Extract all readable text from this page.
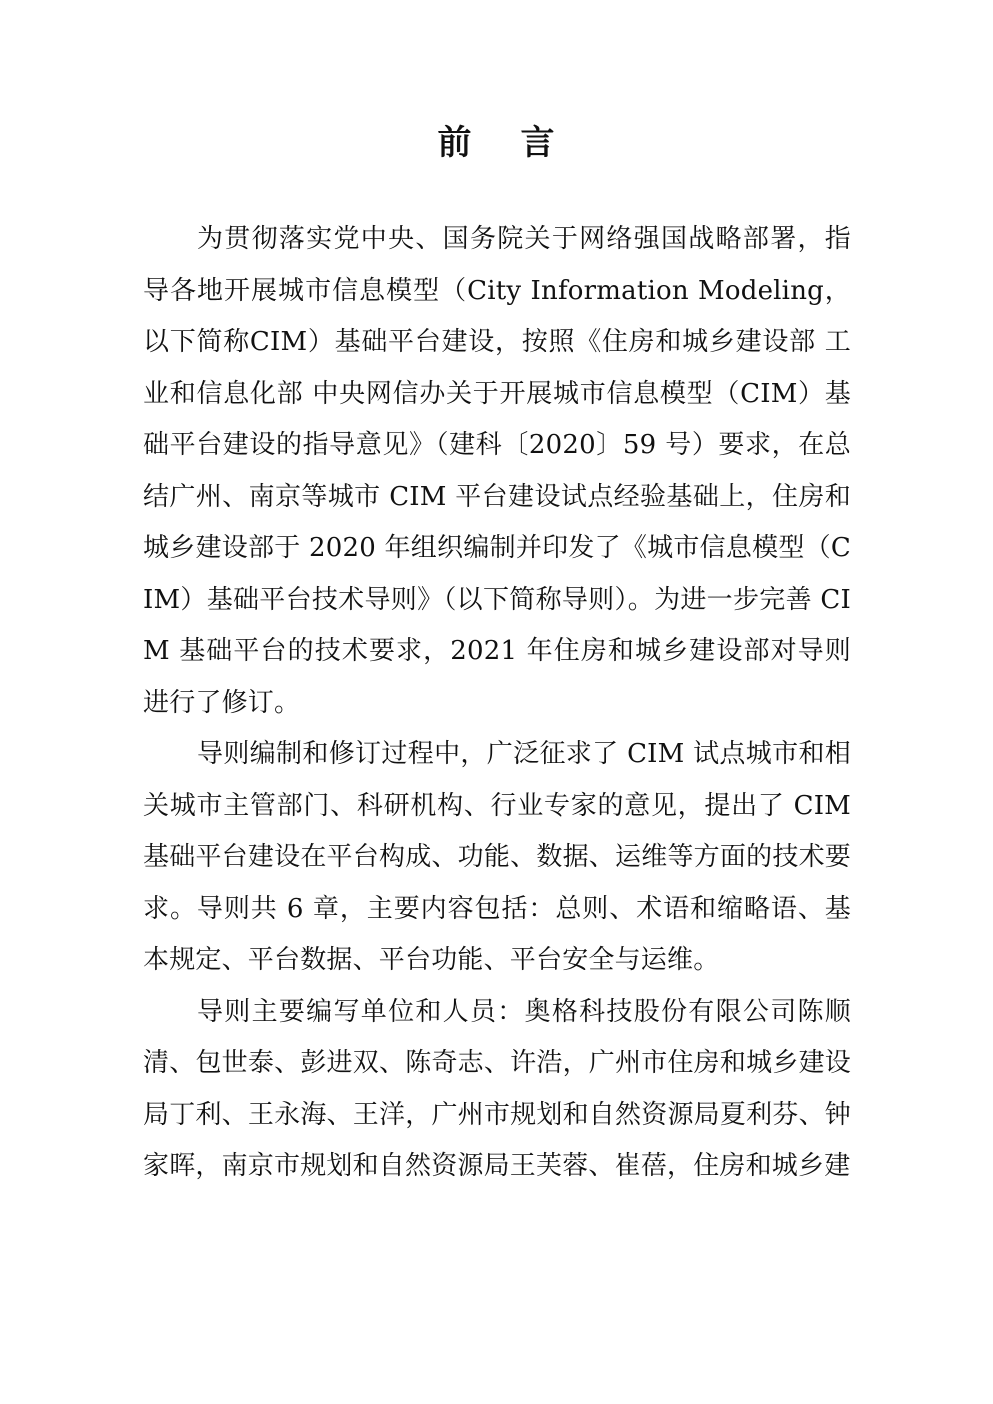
前 言

为贯彻落实党中央、国务院关于网络强国战略部署，指导各地开展城市信息模型（City Information Modeling，以下简称CIM）基础平台建设，按照《住房和城乡建设部 工业和信息化部 中央网信办关于开展城市信息模型（CIM）基础平台建设的指导意见》（建科〔2020〕59 号）要求，在总结广州、南京等城市 CIM 平台建设试点经验基础上，住房和城乡建设部于 2020 年组织编制并印发了《城市信息模型（CIM）基础平台技术导则》（以下简称导则）。为进一步完善 CIM 基础平台的技术要求，2021 年住房和城乡建设部对导则进行了修订。

导则编制和修订过程中，广泛征求了 CIM 试点城市和相关城市主管部门、科研机构、行业专家的意见，提出了 CIM 基础平台建设在平台构成、功能、数据、运维等方面的技术要求。导则共 6 章，主要内容包括：总则、术语和缩略语、基本规定、平台数据、平台功能、平台安全与运维。

导则主要编写单位和人员：奥格科技股份有限公司陈顺清、包世泰、彭进双、陈奇志、许浩，广州市住房和城乡建设局丁利、王永海、王洋，广州市规划和自然资源局夏利芬、钟家晖，南京市规划和自然资源局王芙蓉、崔蓓，住房和城乡建
